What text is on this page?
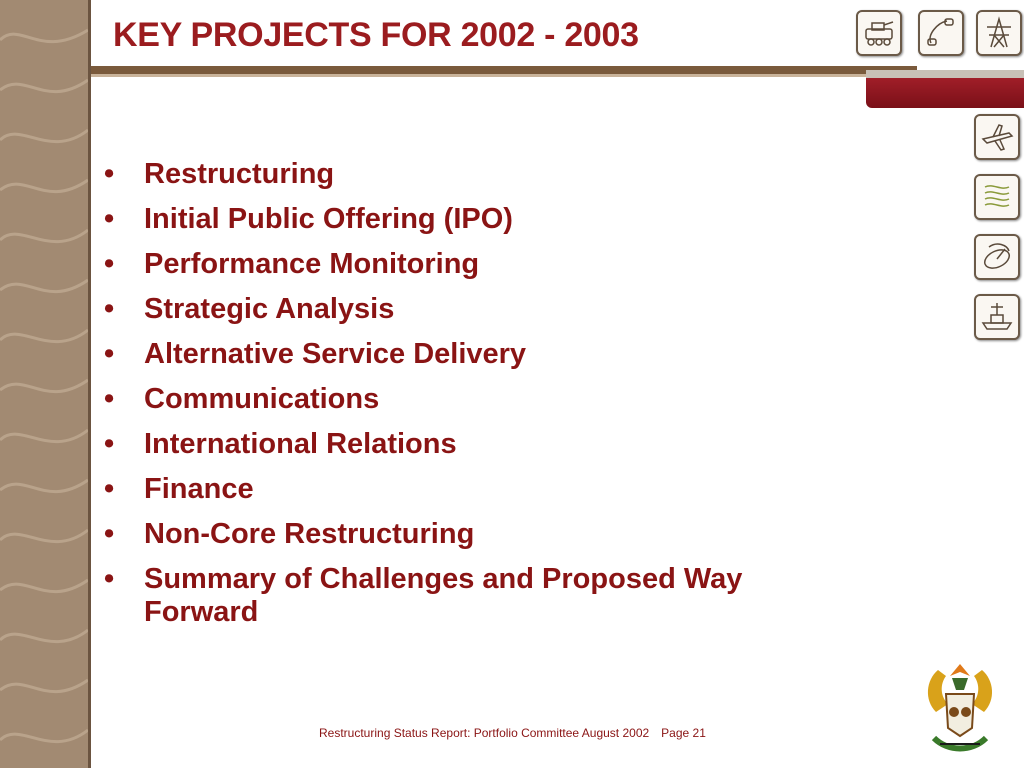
KEY PROJECTS FOR 2002 - 2003
• Restructuring
• Initial Public Offering (IPO)
• Performance Monitoring
• Strategic Analysis
• Alternative Service Delivery
• Communications
• International Relations
• Finance
• Non-Core Restructuring
• Summary of Challenges and Proposed Way Forward
Restructuring Status Report: Portfolio Committee August 2002 Page 21
